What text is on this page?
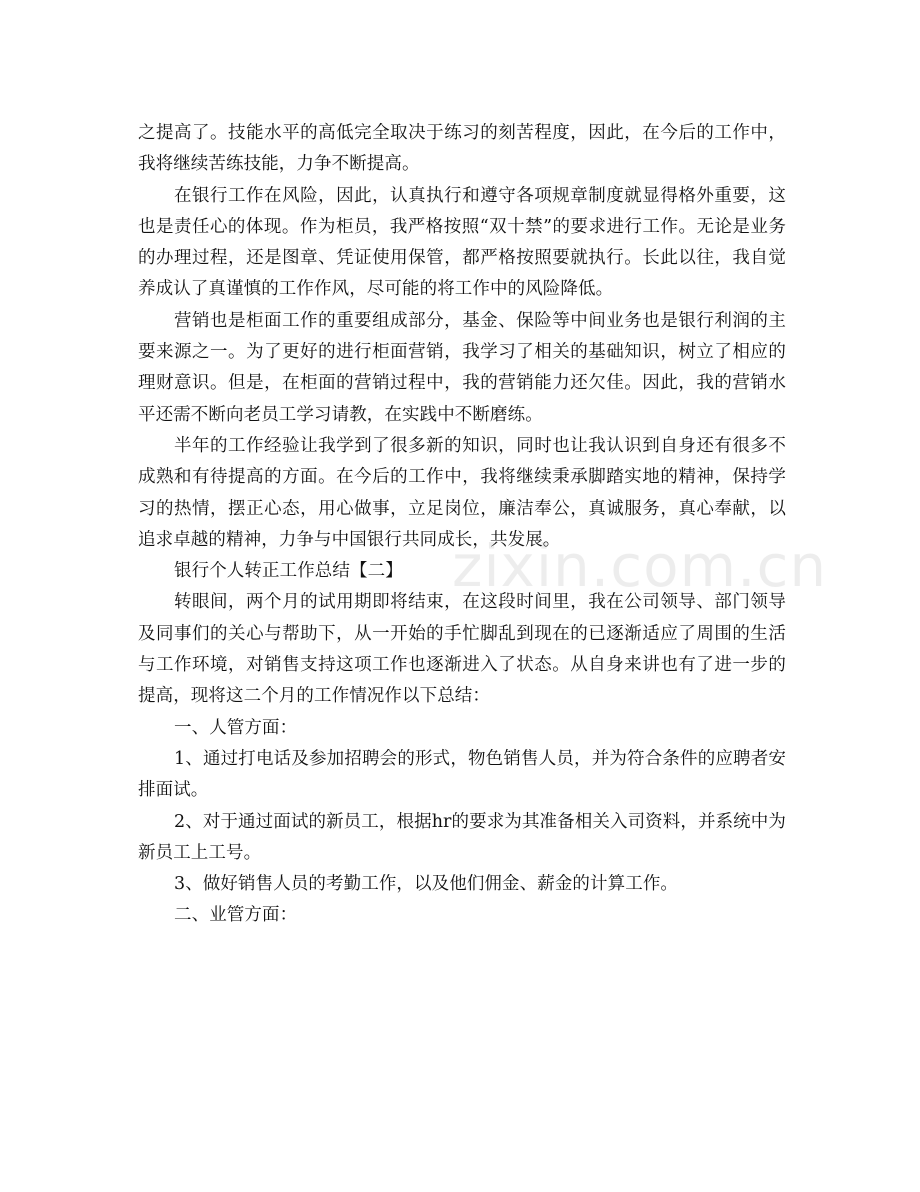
之提高了。技能水平的高低完全取决于练习的刻苦程度，因此，在今后的工作中，我将继续苦练技能，力争不断提高。

在银行工作在风险，因此，认真执行和遵守各项规章制度就显得格外重要，这也是责任心的体现。作为柜员，我严格按照“双十禁”的要求进行工作。无论是业务的办理过程，还是图章、凭证使用保管，都严格按照要就执行。长此以往，我自觉养成认了真谨慎的工作作风，尽可能的将工作中的风险降低。

营销也是柜面工作的重要组成部分，基金、保险等中间业务也是银行利润的主要来源之一。为了更好的进行柜面营销，我学习了相关的基础知识，树立了相应的理财意识。但是，在柜面的营销过程中，我的营销能力还欠佳。因此，我的营销水平还需不断向老员工学习请教，在实践中不断磨练。

半年的工作经验让我学到了很多新的知识，同时也让我认识到自身还有很多不成熟和有待提高的方面。在今后的工作中，我将继续秉承脚踏实地的精神，保持学习的热情，摆正心态，用心做事，立足岗位，廉洁奉公，真诚服务，真心奉献，以追求卓越的精神，力争与中国银行共同成长，共发展。

银行个人转正工作总结【二】

转眼间，两个月的试用期即将结束，在这段时间里，我在公司领导、部门领导及同事们的关心与帮助下，从一开始的手忙脚乱到现在的已逐渐适应了周围的生活与工作环境，对销售支持这项工作也逐渐进入了状态。从自身来讲也有了进一步的提高，现将这二个月的工作情况作以下总结：

一、人管方面：

1、通过打电话及参加招聘会的形式，物色销售人员，并为符合条件的应聘者安排面试。

2、对于通过面试的新员工，根据hr的要求为其准备相关入司资料，并系统中为新员工上工号。

3、做好销售人员的考勤工作，以及他们佣金、薪金的计算工作。

二、业管方面：

zixin.com.cn
